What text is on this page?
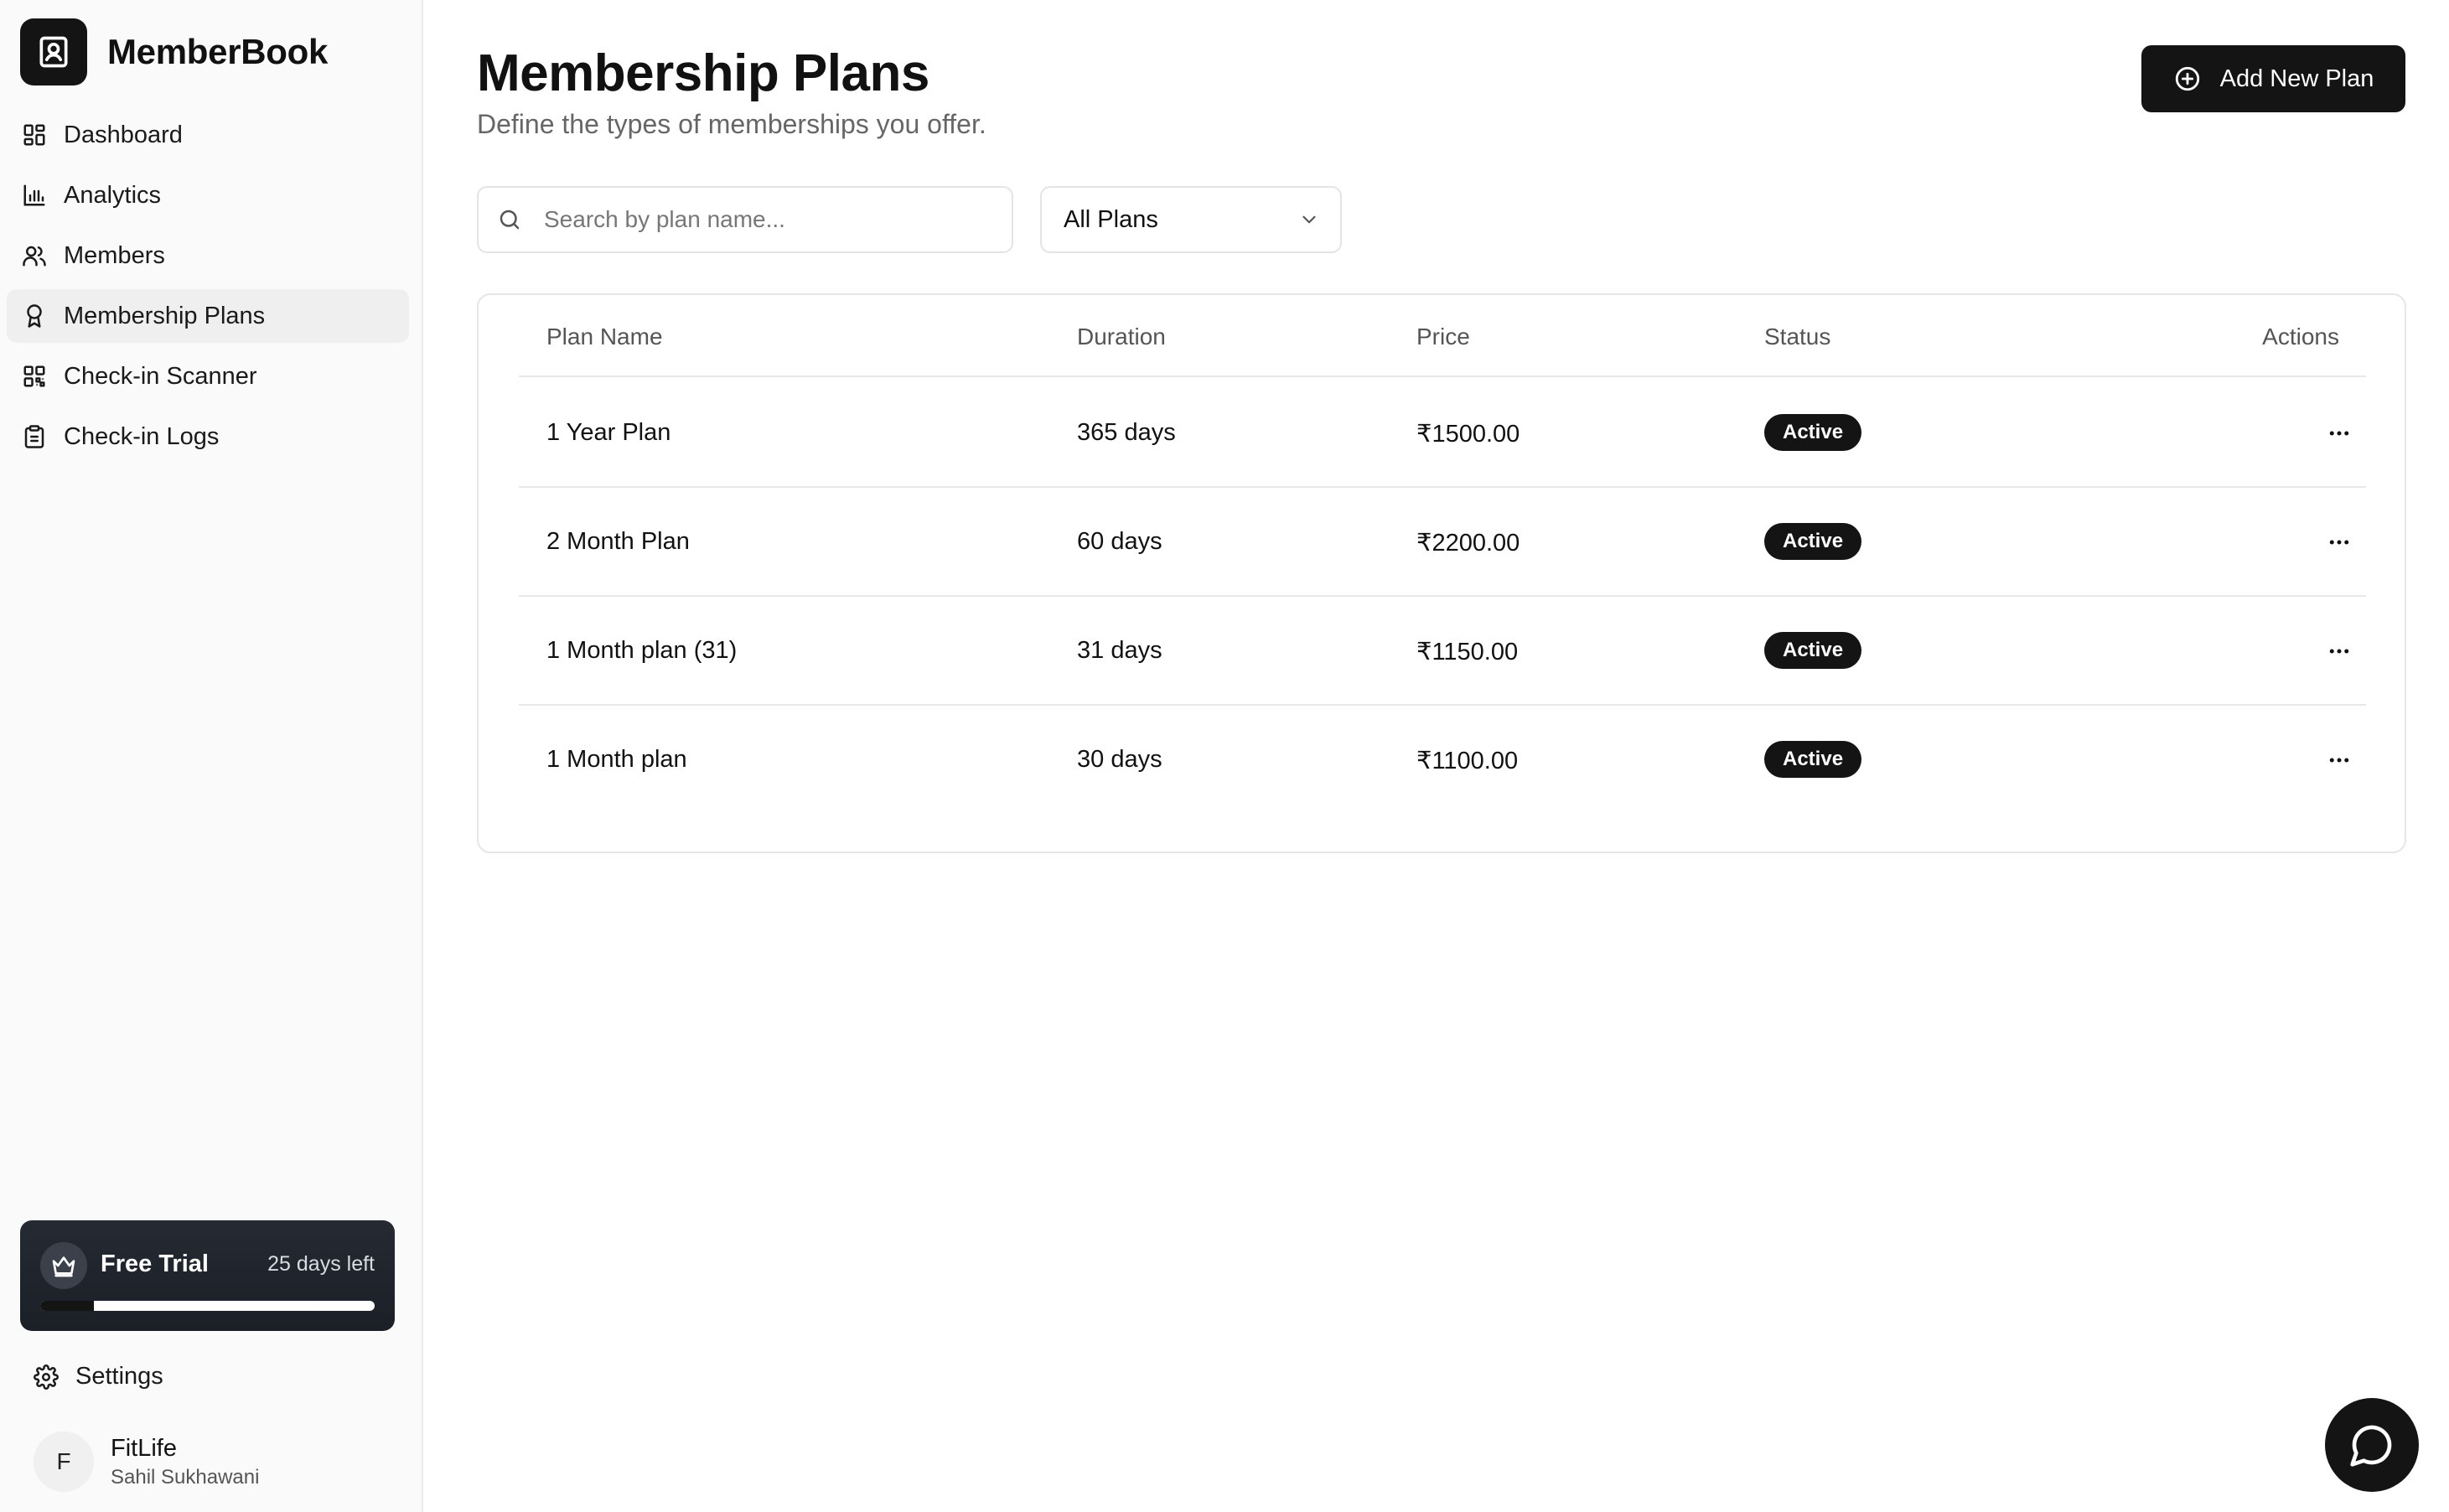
MemberBook
Dashboard
Analytics
Members
Membership Plans
Check-in Scanner
Check-in Logs
Free Trial	25 days left
Settings
F	FitLife
Sahil Sukhawani
Membership Plans

Define the types of memberships you offer.

Add New Plan
Search by plan name...
All Plans
Plan Name	Duration	Price	Status	Actions
1 Year Plan	365 days	₹1500.00	Active
2 Month Plan	60 days	₹2200.00	Active
1 Month plan (31)	31 days	₹1150.00	Active
1 Month plan	30 days	₹1100.00	Active
